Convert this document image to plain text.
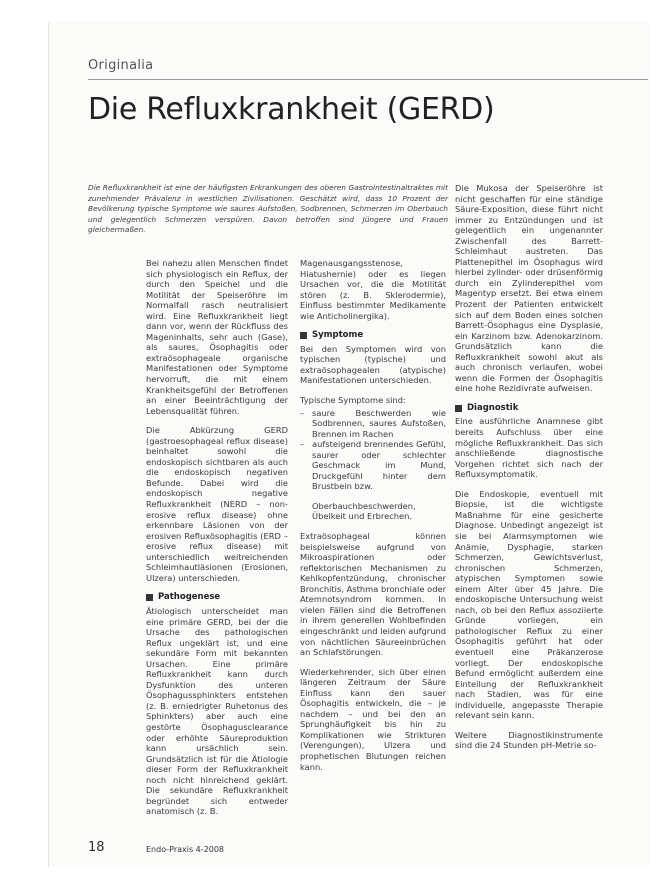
Originalia
Die Refluxkrankheit (GERD)
Die Refluxkrankheit ist eine der häufigsten Erkrankungen des oberen Gastrointestinaltraktes mit zunehmender Prävalenz in westlichen Zivilisationen. Geschätzt wird, dass 10 Prozent der Bevölkerung typische Symptome wie saures Aufstoßen, Sodbrennen, Schmerzen im Oberbauch und gelegentlich Schmerzen verspüren. Davon betroffen sind Jüngere und Frauen gleichermaßen.

Bei nahezu allen Menschen findet sich physiologisch ein Reflux, der durch den Speichel und die Motilität der Speiseröhre im Normalfall rasch neutralisiert wird. Eine Refluxkrankheit liegt dann vor, wenn der Rückfluss des Mageninhalts, sehr auch (Gase), als saures, Ösophagitis oder extraösophageale organische Manifestationen oder Symptome hervorruft, die mit einem Krankheitsgefühl der Betroffenen an einer Beeinträchtigung der Lebensqualität führen.

Die Abkürzung GERD (gastroesophageal reflux disease) beinhaltet sowohl die endoskopisch sichtbaren als auch die endoskopisch negativen Befunde. Dabei wird die endoskopisch negative Refluxkrankheit (NERD – non-erosive reflux disease) ohne erkennbare Läsionen von der erosiven Refluxösophagitis (ERD – erosive reflux disease) mit unterschiedlich weitreichenden Schleimhautläsionen (Erosionen, Ulzera) unterschieden.

Pathogenese

Ätiologisch unterscheidet man eine primäre GERD, bei der die Ursache des pathologischen Reflux ungeklärt ist, und eine sekundäre Form mit bekannten Ursachen. Eine primäre Refluxkrankheit kann durch Dysfunktion des unteren Ösophagussphinkters entstehen (z. B. erniedrigter Ruhetonus des Sphinkters) aber auch eine gestörte Ösophagusclearance oder erhöhte Säureproduktion kann ursächlich sein. Grundsätzlich ist für die Ätiologie dieser Form der Refluxkrankheit noch nicht hinreichend geklärt. Die sekundäre Refluxkrankheit begründet sich entweder anatomisch (z. B.

Magenausgangsstenose, Hiatushernie) oder es liegen Ursachen vor, die die Motilität stören (z. B. Sklerodermie), Einfluss bestimmter Medikamente wie Anticholinergika).

Symptome

Bei den Symptomen wird von typischen (typische) und extraösophagealen (atypische) Manifestationen unterschieden.

Typische Symptome sind:

– saure Beschwerden wie Sodbrennen, saures Aufstoßen, Brennen im Rachen
– aufsteigend brennendes Gefühl, saurer oder schlechter Geschmack im Mund, Druckgefühl hinter dem Brustbein bzw.

Oberbauchbeschwerden, Übelkeit und Erbrechen.

Extraösophageal können beispielsweise aufgrund von Mikroaspirationen oder reflektorischen Mechanismen zu Kehlkopfentzündung, chronischer Bronchitis, Asthma bronchiale oder Atemnotsyndrom kommen. In vielen Fällen sind die Betroffenen in ihrem generellen Wohlbefinden eingeschränkt und leiden aufgrund von nächtlichen Säureeinbrüchen an Schlafstörungen.

Wiederkehrender, sich über einen längeren Zeitraum der Säure Einfluss kann den sauer Ösophagitis entwickeln, die – je nachdem – und bei den an Sprunghäufigkeit bis hin zu Komplikationen wie Strikturen (Verengungen), Ulzera und prophetischen Blutungen reichen kann.

Die Mukosa der Speiseröhre ist nicht geschaffen für eine ständige Säure-Exposition, diese führt nicht immer zu Entzündungen und ist gelegentlich ein ungenannter Zwischenfall des Barrett-Schleimhaut austreten. Das Plattenepithel im Ösophagus wird hierbei zylinder- oder drüsenförmig durch ein Zylinderepithel vom Magentyp ersetzt. Bei etwa einem Prozent der Patienten entwickelt sich auf dem Boden eines solchen Barrett-Ösophagus eine Dysplasie, ein Karzinom bzw. Adenokarzinom. Grundsätzlich kann die Refluxkrankheit sowohl akut als auch chronisch verlaufen, wobei wenn die Formen der Ösophagitis eine hohe Rezidivrate aufweisen.

Diagnostik

Eine ausführliche Anamnese gibt bereits Aufschluss über eine mögliche Refluxkrankheit. Das sich anschließende diagnostische Vorgehen richtet sich nach der Refluxsymptomatik.

Die Endoskopie, eventuell mit Biopsie, ist die wichtigste Maßnahme für eine gesicherte Diagnose. Unbedingt angezeigt ist sie bei Alarmsymptomen wie Anämie, Dysphagie, starken Schmerzen, Gewichtsverlust, chronischen Schmerzen, atypischen Symptomen sowie einem Alter über 45 Jahre. Die endoskopische Untersuchung weist nach, ob bei den Reflux assoziierte Gründe vorliegen, ein pathologischer Reflux zu einer Ösophagitis geführt hat oder eventuell eine Präkanzerose vorliegt. Der endoskopische Befund ermöglicht außerdem eine Einteilung der Refluxkrankheit nach Stadien, was für eine individuelle, angepasste Therapie relevant sein kann.

Weitere Diagnostikinstrumente sind die 24 Stunden pH-Metrie so-

18	Endo-Praxis 4-2008
